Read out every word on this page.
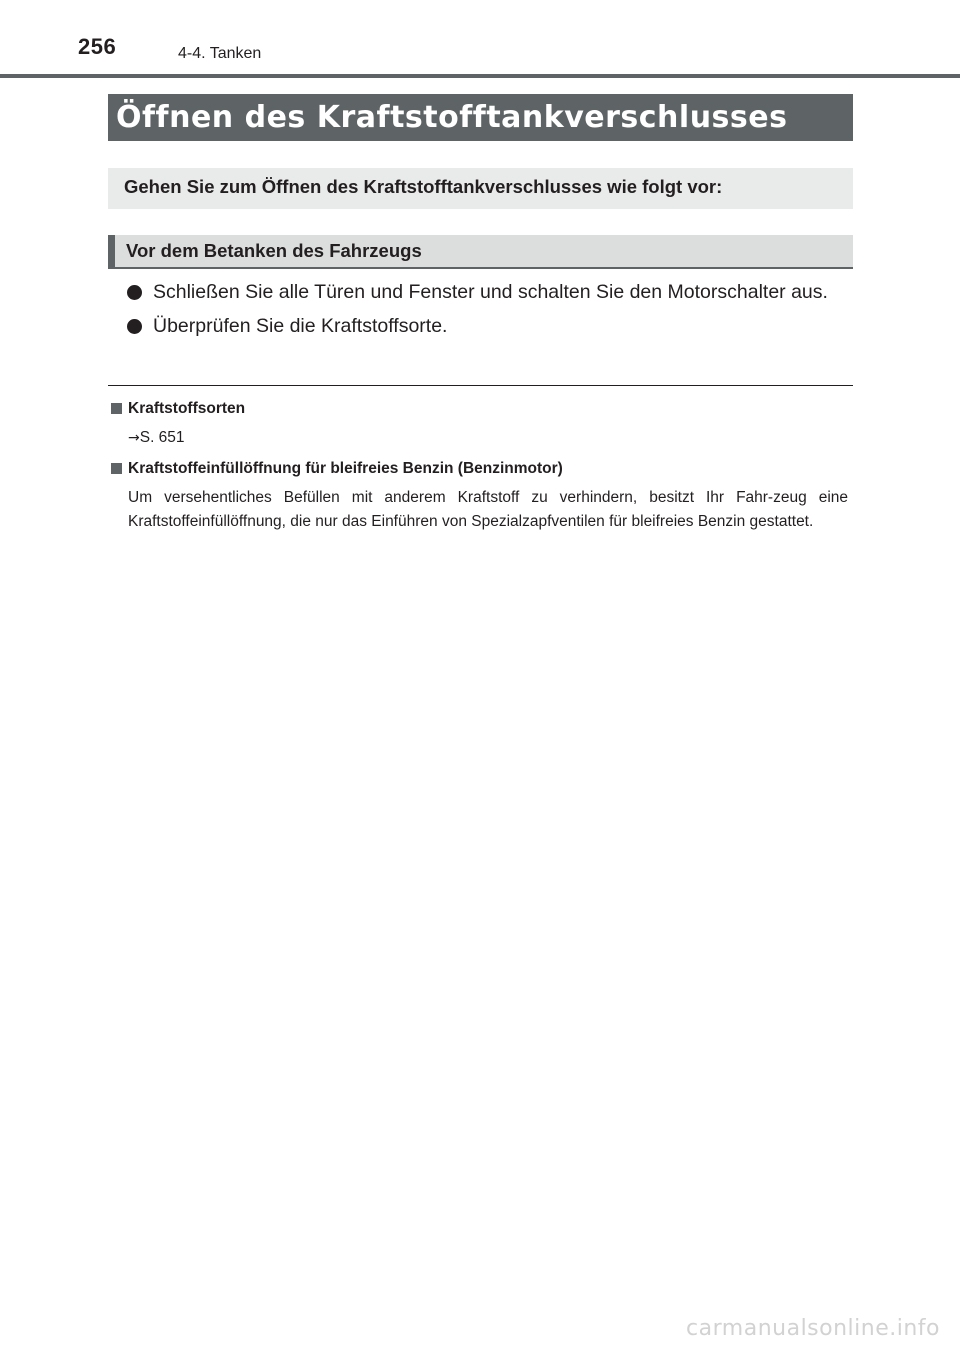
256	4-4. Tanken
Öffnen des Kraftstofftankverschlusses
Gehen Sie zum Öffnen des Kraftstofftankverschlusses wie folgt vor:
Vor dem Betanken des Fahrzeugs
Schließen Sie alle Türen und Fenster und schalten Sie den Motorschalter aus.
Überprüfen Sie die Kraftstoffsorte.
Kraftstoffsorten
→S. 651
Kraftstoffeinfüllöffnung für bleifreies Benzin (Benzinmotor)
Um versehentliches Befüllen mit anderem Kraftstoff zu verhindern, besitzt Ihr Fahr-zeug eine Kraftstoffeinfüllöffnung, die nur das Einführen von Spezialzapfventilen für bleifreies Benzin gestattet.
carmanualsonline.info
